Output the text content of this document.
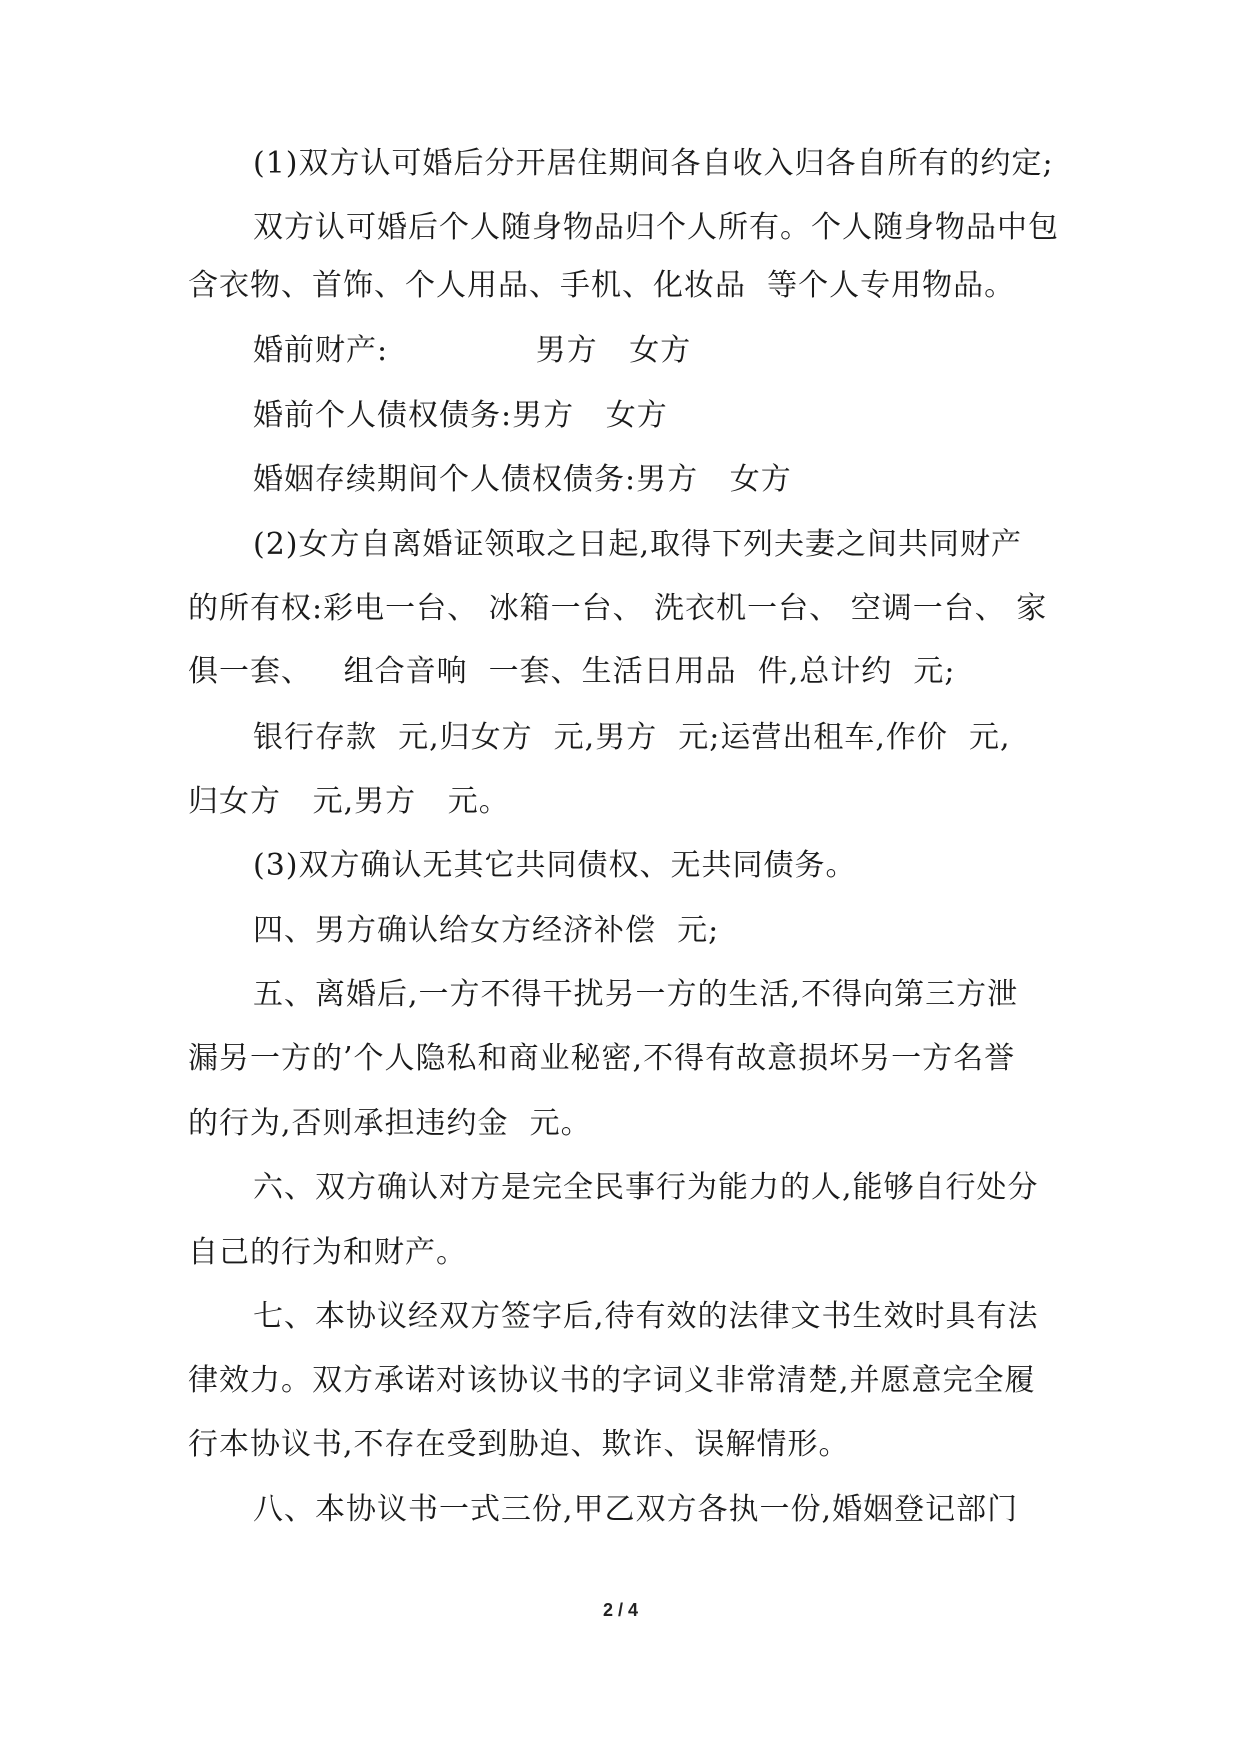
(1)双方认可婚后分开居住期间各自收入归各自所有的约定;
双方认可婚后个人随身物品归个人所有。个人随身物品中包
含衣物、首饰、个人用品、手机、化妆品  等个人专用物品。
婚前财产:              男方   女方
婚前个人债权债务:男方   女方
婚姻存续期间个人债权债务:男方   女方
(2)女方自离婚证领取之日起,取得下列夫妻之间共同财产
的所有权:彩电一台、 冰箱一台、 洗衣机一台、 空调一台、 家
俱一套、   组合音响  一套、生活日用品  件,总计约  元;
银行存款  元,归女方  元,男方  元;运营出租车,作价  元,
归女方   元,男方   元。
(3)双方确认无其它共同债权、无共同债务。
四、男方确认给女方经济补偿  元;
五、离婚后,一方不得干扰另一方的生活,不得向第三方泄
漏另一方的’个人隐私和商业秘密,不得有故意损坏另一方名誉
的行为,否则承担违约金  元。
六、双方确认对方是完全民事行为能力的人,能够自行处分
自己的行为和财产。
七、本协议经双方签字后,待有效的法律文书生效时具有法
律效力。双方承诺对该协议书的字词义非常清楚,并愿意完全履
行本协议书,不存在受到胁迫、欺诈、误解情形。
八、本协议书一式三份,甲乙双方各执一份,婚姻登记部门
2 / 4
